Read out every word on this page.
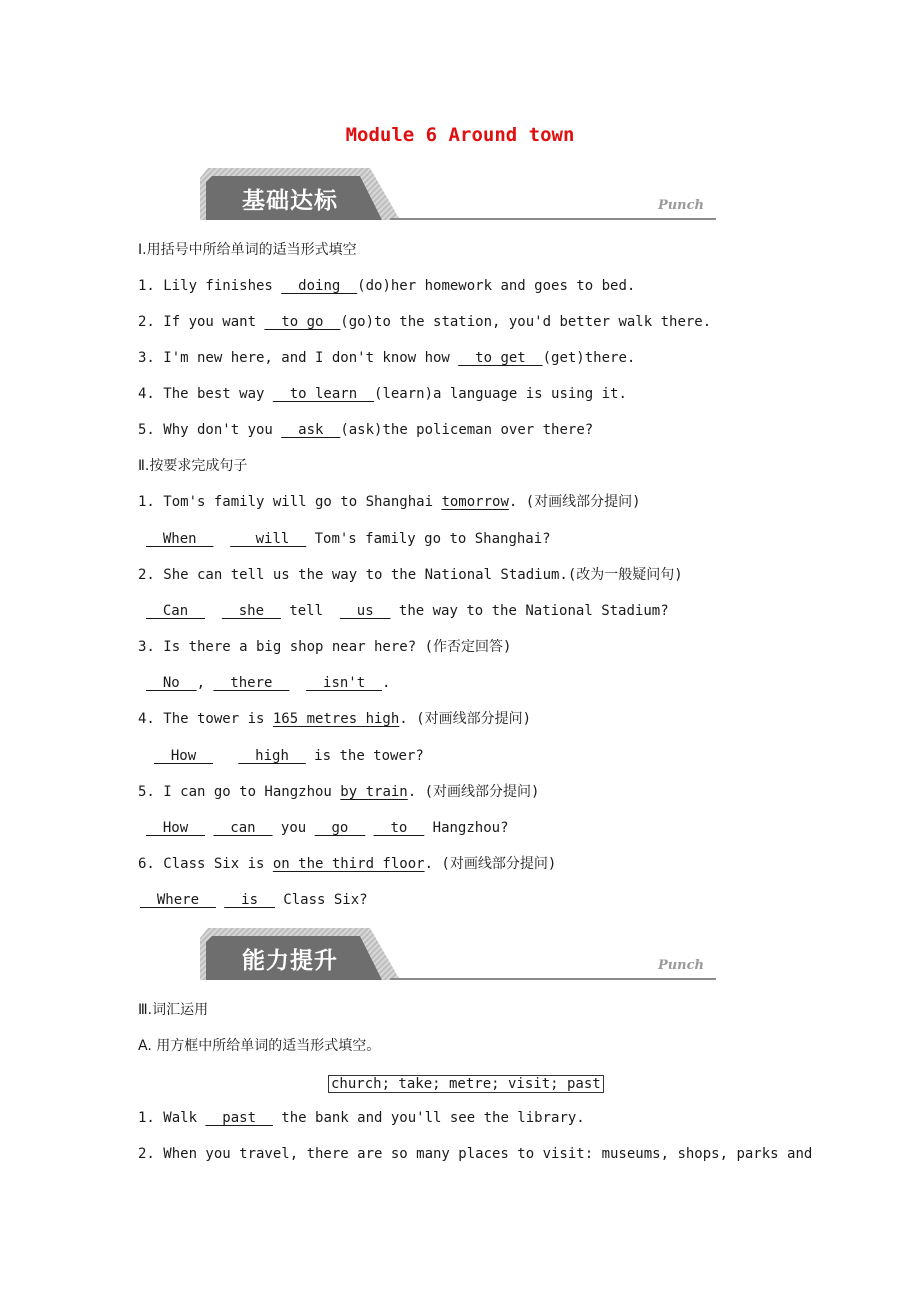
Module 6 Around town
基础达标	Punch
Ⅰ.用括号中所给单词的适当形式填空
1. Lily finishes __doing__(do)her homework and goes to bed.
2. If you want __to go__(go)to the station, you'd better walk there.
3. I'm new here, and I don't know how __to get__(get)there.
4. The best way __to learn__(learn)a language is using it.
5. Why don't you __ask__(ask)the policeman over there?
Ⅱ.按要求完成句子
1. Tom's family will go to Shanghai tomorrow. (对画线部分提问)
__When__ ___will__ Tom's family go to Shanghai?
2. She can tell us the way to the National Stadium.(改为一般疑问句)
__Can__ __she__ tell  __us__ the way to the National Stadium?
3. Is there a big shop near here? (作否定回答)
__No__, __there__ __isn't__.
4. The tower is 165 metres high. (对画线部分提问)
__How__ __high__ is the tower?
5. I can go to Hangzhou by train. (对画线部分提问)
__How__ __can__ you __go__ __to__ Hangzhou?
6. Class Six is on the third floor. (对画线部分提问)
__Where__ __is__ Class Six?
能力提升	Punch
Ⅲ.词汇运用
A. 用方框中所给单词的适当形式填空。
church; take; metre; visit; past
1. Walk __past__ the bank and you'll see the library.
2. When you travel, there are so many places to visit: museums, shops, parks and
